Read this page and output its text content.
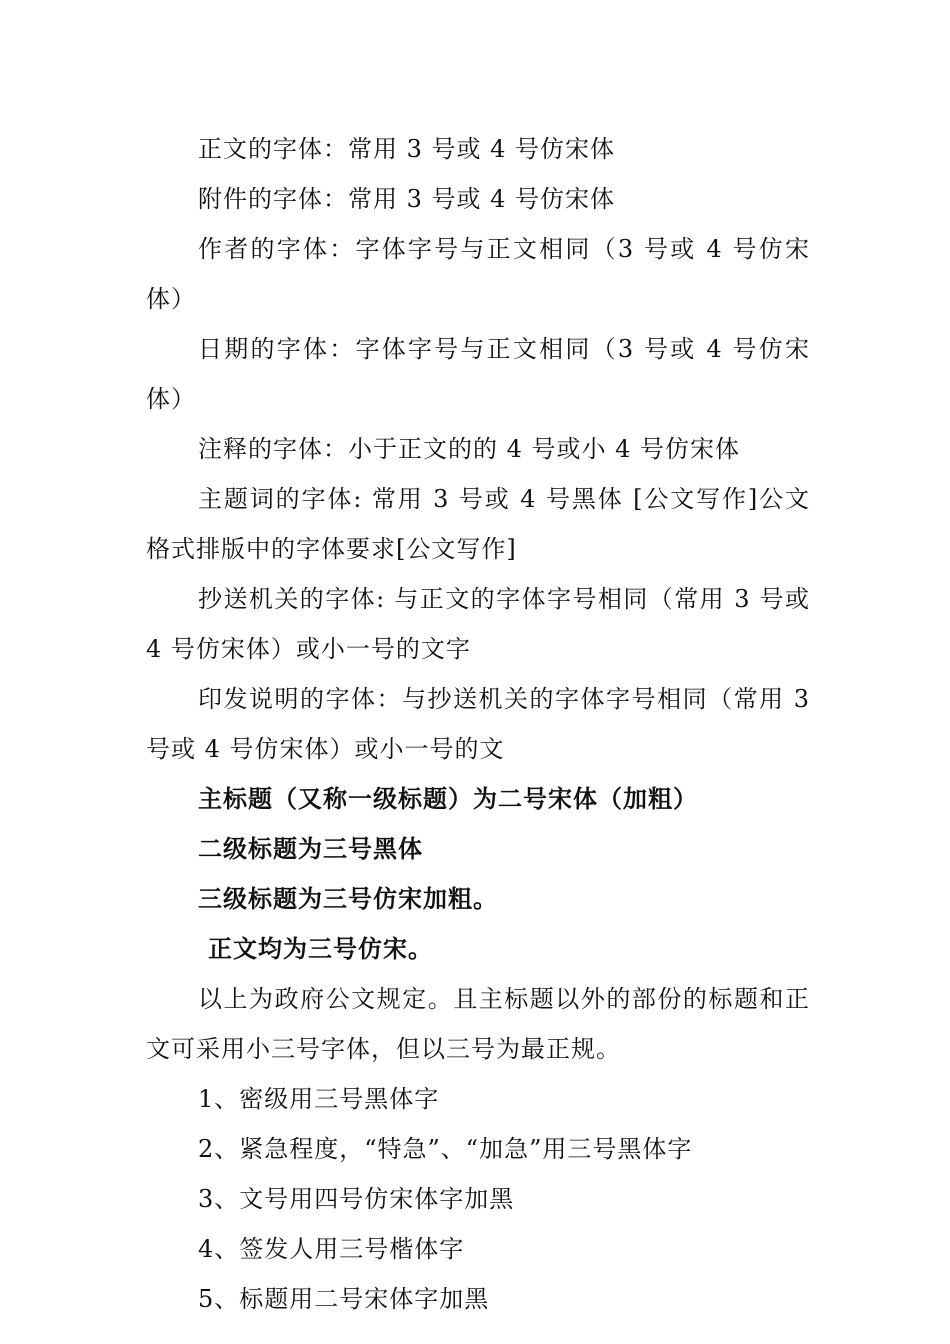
正文的字体：常用 3 号或 4 号仿宋体

附件的字体：常用 3 号或 4 号仿宋体

作者的字体：字体字号与正文相同（3 号或 4 号仿宋体）

日期的字体：字体字号与正文相同（3 号或 4 号仿宋体）

注释的字体：小于正文的的 4 号或小 4 号仿宋体

主题词的字体: 常用 3 号或 4 号黑体 [公文写作]公文格式排版中的字体要求[公文写作]

抄送机关的字体: 与正文的字体字号相同（常用 3 号或 4 号仿宋体）或小一号的文字

印发说明的字体：与抄送机关的字体字号相同（常用 3 号或 4 号仿宋体）或小一号的文

主标题（又称一级标题）为二号宋体（加粗）

二级标题为三号黑体

三级标题为三号仿宋加粗。

正文均为三号仿宋。

以上为政府公文规定。且主标题以外的部份的标题和正文可采用小三号字体，但以三号为最正规。

1、密级用三号黑体字

2、紧急程度，“特急”、“加急”用三号黑体字

3、文号用四号仿宋体字加黑

4、签发人用三号楷体字

5、标题用二号宋体字加黑
